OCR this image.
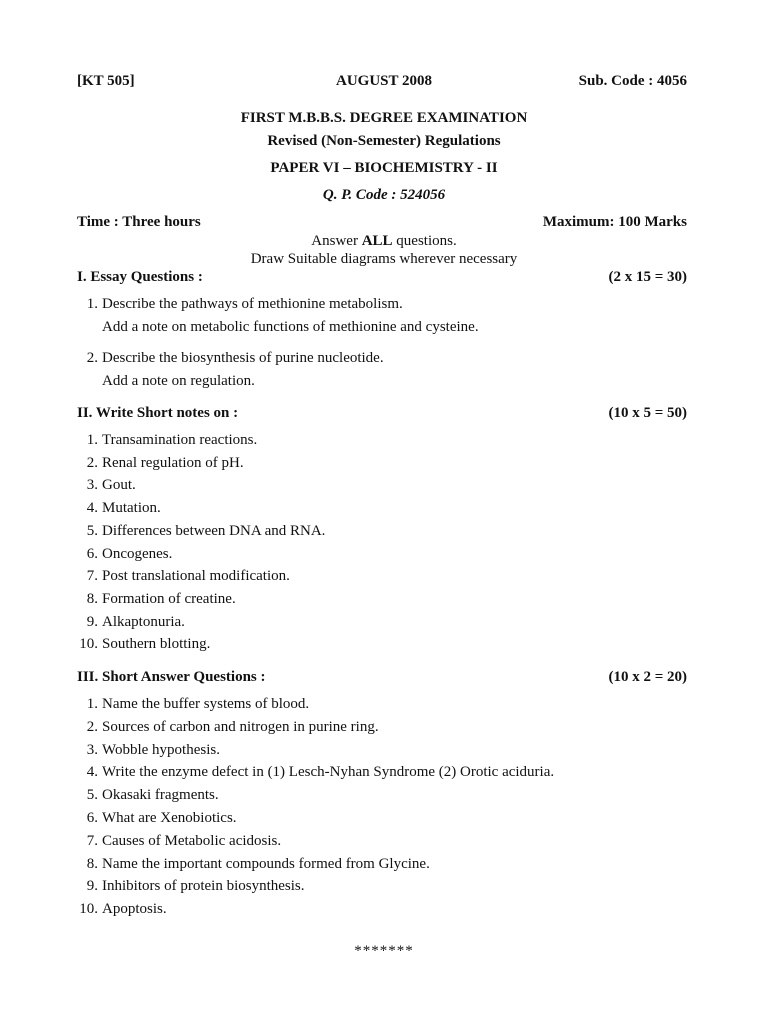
[KT 505]	AUGUST 2008	Sub. Code : 4056
FIRST M.B.B.S. DEGREE EXAMINATION
Revised (Non-Semester) Regulations
PAPER VI – BIOCHEMISTRY - II
Q. P. Code : 524056
Time : Three hours	Maximum: 100 Marks
Answer ALL questions.
Draw Suitable diagrams wherever necessary
I. Essay Questions :	(2 x 15 = 30)
1. Describe the pathways of methionine metabolism.
Add a note on metabolic functions of methionine and cysteine.
2. Describe the biosynthesis of purine nucleotide.
Add a note on regulation.
II. Write Short notes on :	(10 x 5 = 50)
1. Transamination reactions.
2. Renal regulation of pH.
3. Gout.
4. Mutation.
5. Differences between DNA and RNA.
6. Oncogenes.
7. Post translational modification.
8. Formation of creatine.
9. Alkaptonuria.
10. Southern blotting.
III. Short Answer Questions :	(10 x 2 = 20)
1. Name the buffer systems of blood.
2. Sources of carbon and nitrogen in purine ring.
3. Wobble hypothesis.
4. Write the enzyme defect in (1) Lesch-Nyhan Syndrome (2) Orotic aciduria.
5. Okasaki fragments.
6. What are Xenobiotics.
7. Causes of Metabolic acidosis.
8. Name the important compounds formed from Glycine.
9. Inhibitors of protein biosynthesis.
10. Apoptosis.
*******
